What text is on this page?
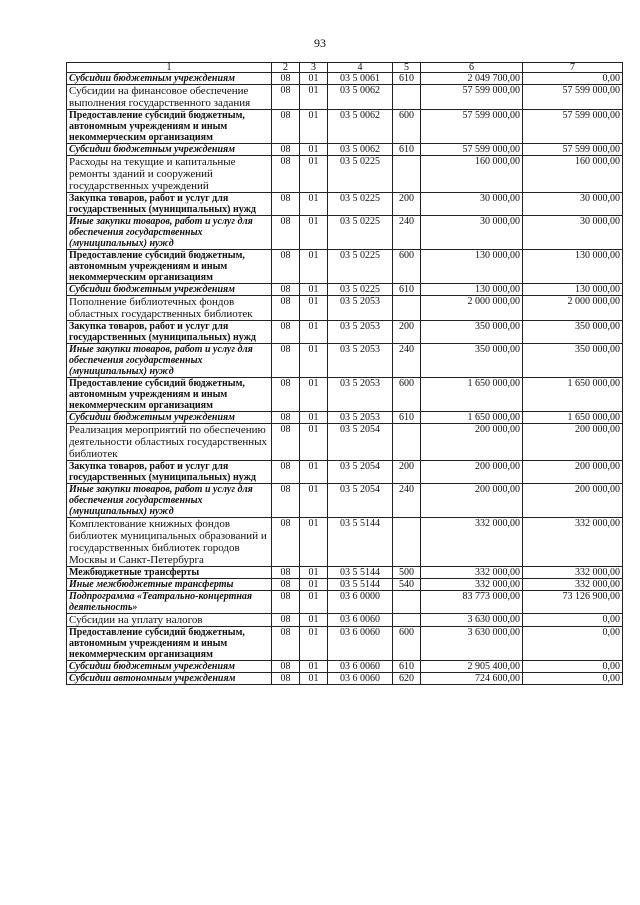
93
1	2	3	4	5	6	7
Субсидии бюджетным учреждениям	08	01	03 5 0061	610	2 049 700,00	0,00
Субсидии на финансовое обеспечение выполнения государственного задания	08	01	03 5 0062		57 599 000,00	57 599 000,00
Предоставление субсидий бюджетным, автономным учреждениям и иным некоммерческим организациям	08	01	03 5 0062	600	57 599 000,00	57 599 000,00
Субсидии бюджетным учреждениям	08	01	03 5 0062	610	57 599 000,00	57 599 000,00
Расходы на текущие и капитальные ремонты зданий и сооружений государственных учреждений	08	01	03 5 0225		160 000,00	160 000,00
Закупка товаров, работ и услуг для государственных (муниципальных) нужд	08	01	03 5 0225	200	30 000,00	30 000,00
Иные закупки товаров, работ и услуг для обеспечения государственных (муниципальных) нужд	08	01	03 5 0225	240	30 000,00	30 000,00
Предоставление субсидий бюджетным, автономным учреждениям и иным некоммерческим организациям	08	01	03 5 0225	600	130 000,00	130 000,00
Субсидии бюджетным учреждениям	08	01	03 5 0225	610	130 000,00	130 000,00
Пополнение библиотечных фондов областных государственных библиотек	08	01	03 5 2053		2 000 000,00	2 000 000,00
Закупка товаров, работ и услуг для государственных (муниципальных) нужд	08	01	03 5 2053	200	350 000,00	350 000,00
Иные закупки товаров, работ и услуг для обеспечения государственных (муниципальных) нужд	08	01	03 5 2053	240	350 000,00	350 000,00
Предоставление субсидий бюджетным, автономным учреждениям и иным некоммерческим организациям	08	01	03 5 2053	600	1 650 000,00	1 650 000,00
Субсидии бюджетным учреждениям	08	01	03 5 2053	610	1 650 000,00	1 650 000,00
Реализация мероприятий по обеспечению деятельности областных государственных библиотек	08	01	03 5 2054		200 000,00	200 000,00
Закупка товаров, работ и услуг для государственных (муниципальных) нужд	08	01	03 5 2054	200	200 000,00	200 000,00
Иные закупки товаров, работ и услуг для обеспечения государственных (муниципальных) нужд	08	01	03 5 2054	240	200 000,00	200 000,00
Комплектование книжных фондов библиотек муниципальных образований и государственных библиотек городов Москвы и Санкт-Петербурга	08	01	03 5 5144		332 000,00	332 000,00
Межбюджетные трансферты	08	01	03 5 5144	500	332 000,00	332 000,00
Иные межбюджетные трансферты	08	01	03 5 5144	540	332 000,00	332 000,00
Подпрограмма «Театрально-концертная деятельность»	08	01	03 6 0000		83 773 000,00	73 126 900,00
Субсидии на уплату налогов	08	01	03 6 0060		3 630 000,00	0,00
Предоставление субсидий бюджетным, автономным учреждениям и иным некоммерческим организациям	08	01	03 6 0060	600	3 630 000,00	0,00
Субсидии бюджетным учреждениям	08	01	03 6 0060	610	2 905 400,00	0,00
Субсидии автономным учреждениям	08	01	03 6 0060	620	724 600,00	0,00
